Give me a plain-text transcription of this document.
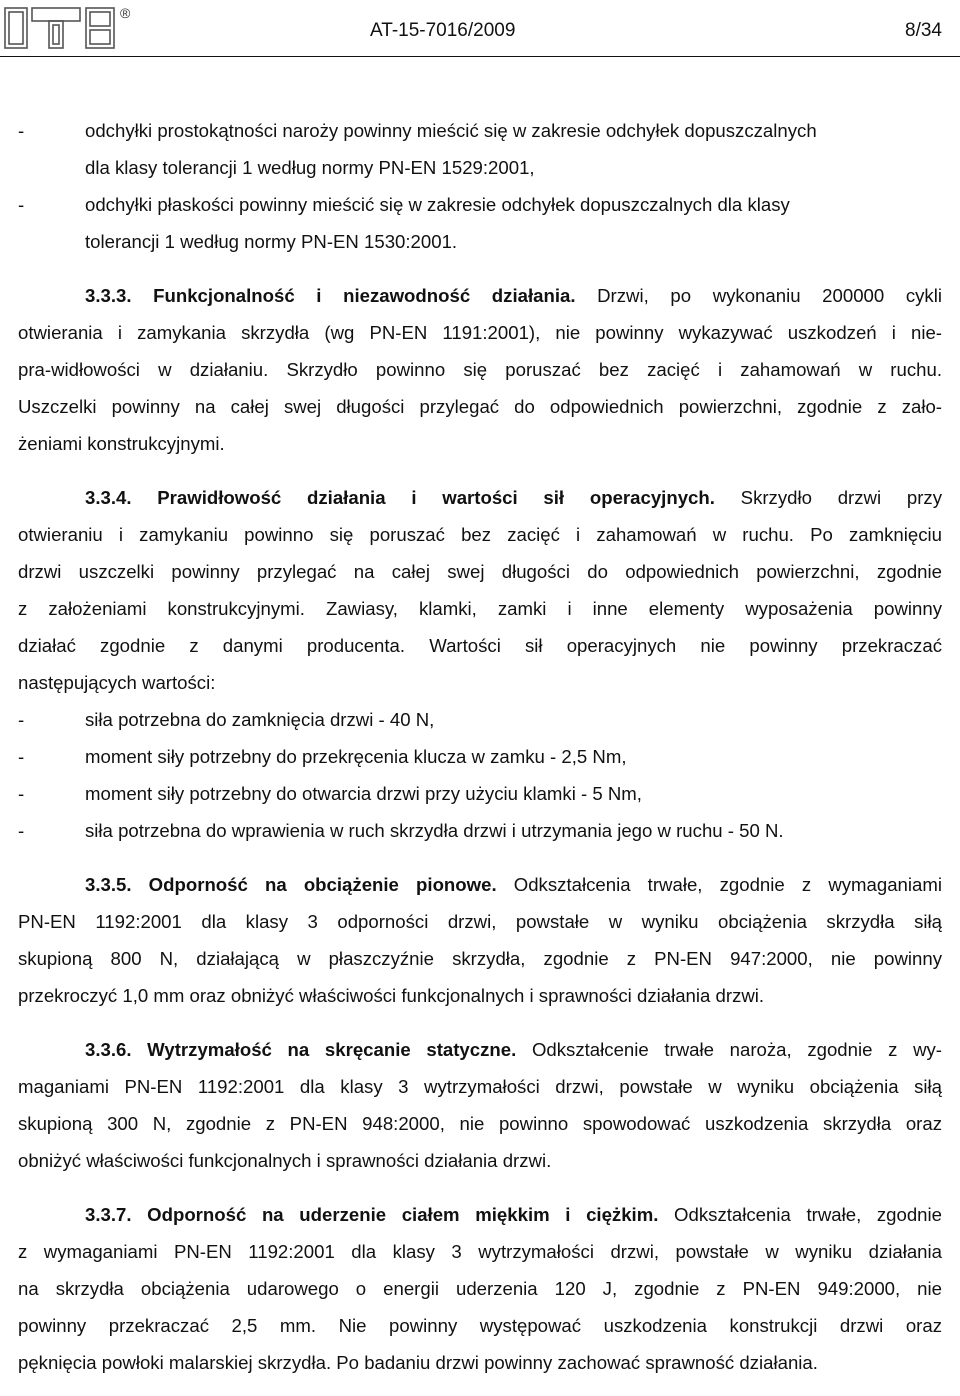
®
AT-15-7016/2009	8/34
-	odchyłki prostokątności naroży powinny mieścić się w zakresie odchyłek dopuszczalnych
dla klasy tolerancji 1 według normy PN-EN 1529:2001,
-	odchyłki płaskości powinny mieścić się w zakresie odchyłek dopuszczalnych dla klasy
tolerancji 1 według normy PN-EN 1530:2001.
3.3.3. Funkcjonalność i niezawodność działania. Drzwi, po wykonaniu 200000 cykli
otwierania i zamykania skrzydła (wg PN-EN 1191:2001), nie powinny wykazywać uszkodzeń i nie-
pra-widłowości w działaniu. Skrzydło powinno się poruszać bez zacięć i zahamowań w ruchu.
Uszczelki powinny na całej swej długości przylegać do odpowiednich powierzchni, zgodnie z zało-
żeniami konstrukcyjnymi.
3.3.4. Prawidłowość działania i wartości sił operacyjnych. Skrzydło drzwi przy
otwieraniu i zamykaniu powinno się poruszać bez zacięć i zahamowań w ruchu. Po zamknięciu
drzwi uszczelki powinny przylegać na całej swej długości do odpowiednich powierzchni, zgodnie
z założeniami konstrukcyjnymi. Zawiasy, klamki, zamki i inne elementy wyposażenia powinny
działać zgodnie z danymi producenta. Wartości sił operacyjnych nie powinny przekraczać
następujących wartości:
-	siła potrzebna do zamknięcia drzwi - 40 N,
-	moment siły potrzebny do przekręcenia klucza w zamku - 2,5 Nm,
-	moment siły potrzebny do otwarcia drzwi przy użyciu klamki - 5 Nm,
-	siła potrzebna do wprawienia w ruch skrzydła drzwi i utrzymania jego w ruchu - 50 N.
3.3.5. Odporność na obciążenie pionowe. Odkształcenia trwałe, zgodnie z wymaganiami
PN-EN 1192:2001 dla klasy 3 odporności drzwi, powstałe w wyniku obciążenia skrzydła siłą
skupioną 800 N, działającą w płaszczyźnie skrzydła, zgodnie z PN-EN 947:2000, nie powinny
przekroczyć 1,0 mm oraz obniżyć właściwości funkcjonalnych i sprawności działania drzwi.
3.3.6. Wytrzymałość na skręcanie statyczne. Odkształcenie trwałe naroża, zgodnie z wy-
maganiami PN-EN 1192:2001 dla klasy 3 wytrzymałości drzwi, powstałe w wyniku obciążenia siłą
skupioną 300 N, zgodnie z PN-EN 948:2000, nie powinno spowodować uszkodzenia skrzydła oraz
obniżyć właściwości funkcjonalnych i sprawności działania drzwi.
3.3.7. Odporność na uderzenie ciałem miękkim i ciężkim. Odkształcenia trwałe, zgodnie
z wymaganiami PN-EN 1192:2001 dla klasy 3 wytrzymałości drzwi, powstałe w wyniku działania
na skrzydła obciążenia udarowego o energii uderzenia 120 J, zgodnie z PN-EN 949:2000, nie
powinny przekraczać 2,5 mm. Nie powinny występować uszkodzenia konstrukcji drzwi oraz
pęknięcia powłoki malarskiej skrzydła. Po badaniu drzwi powinny zachować sprawność działania.
